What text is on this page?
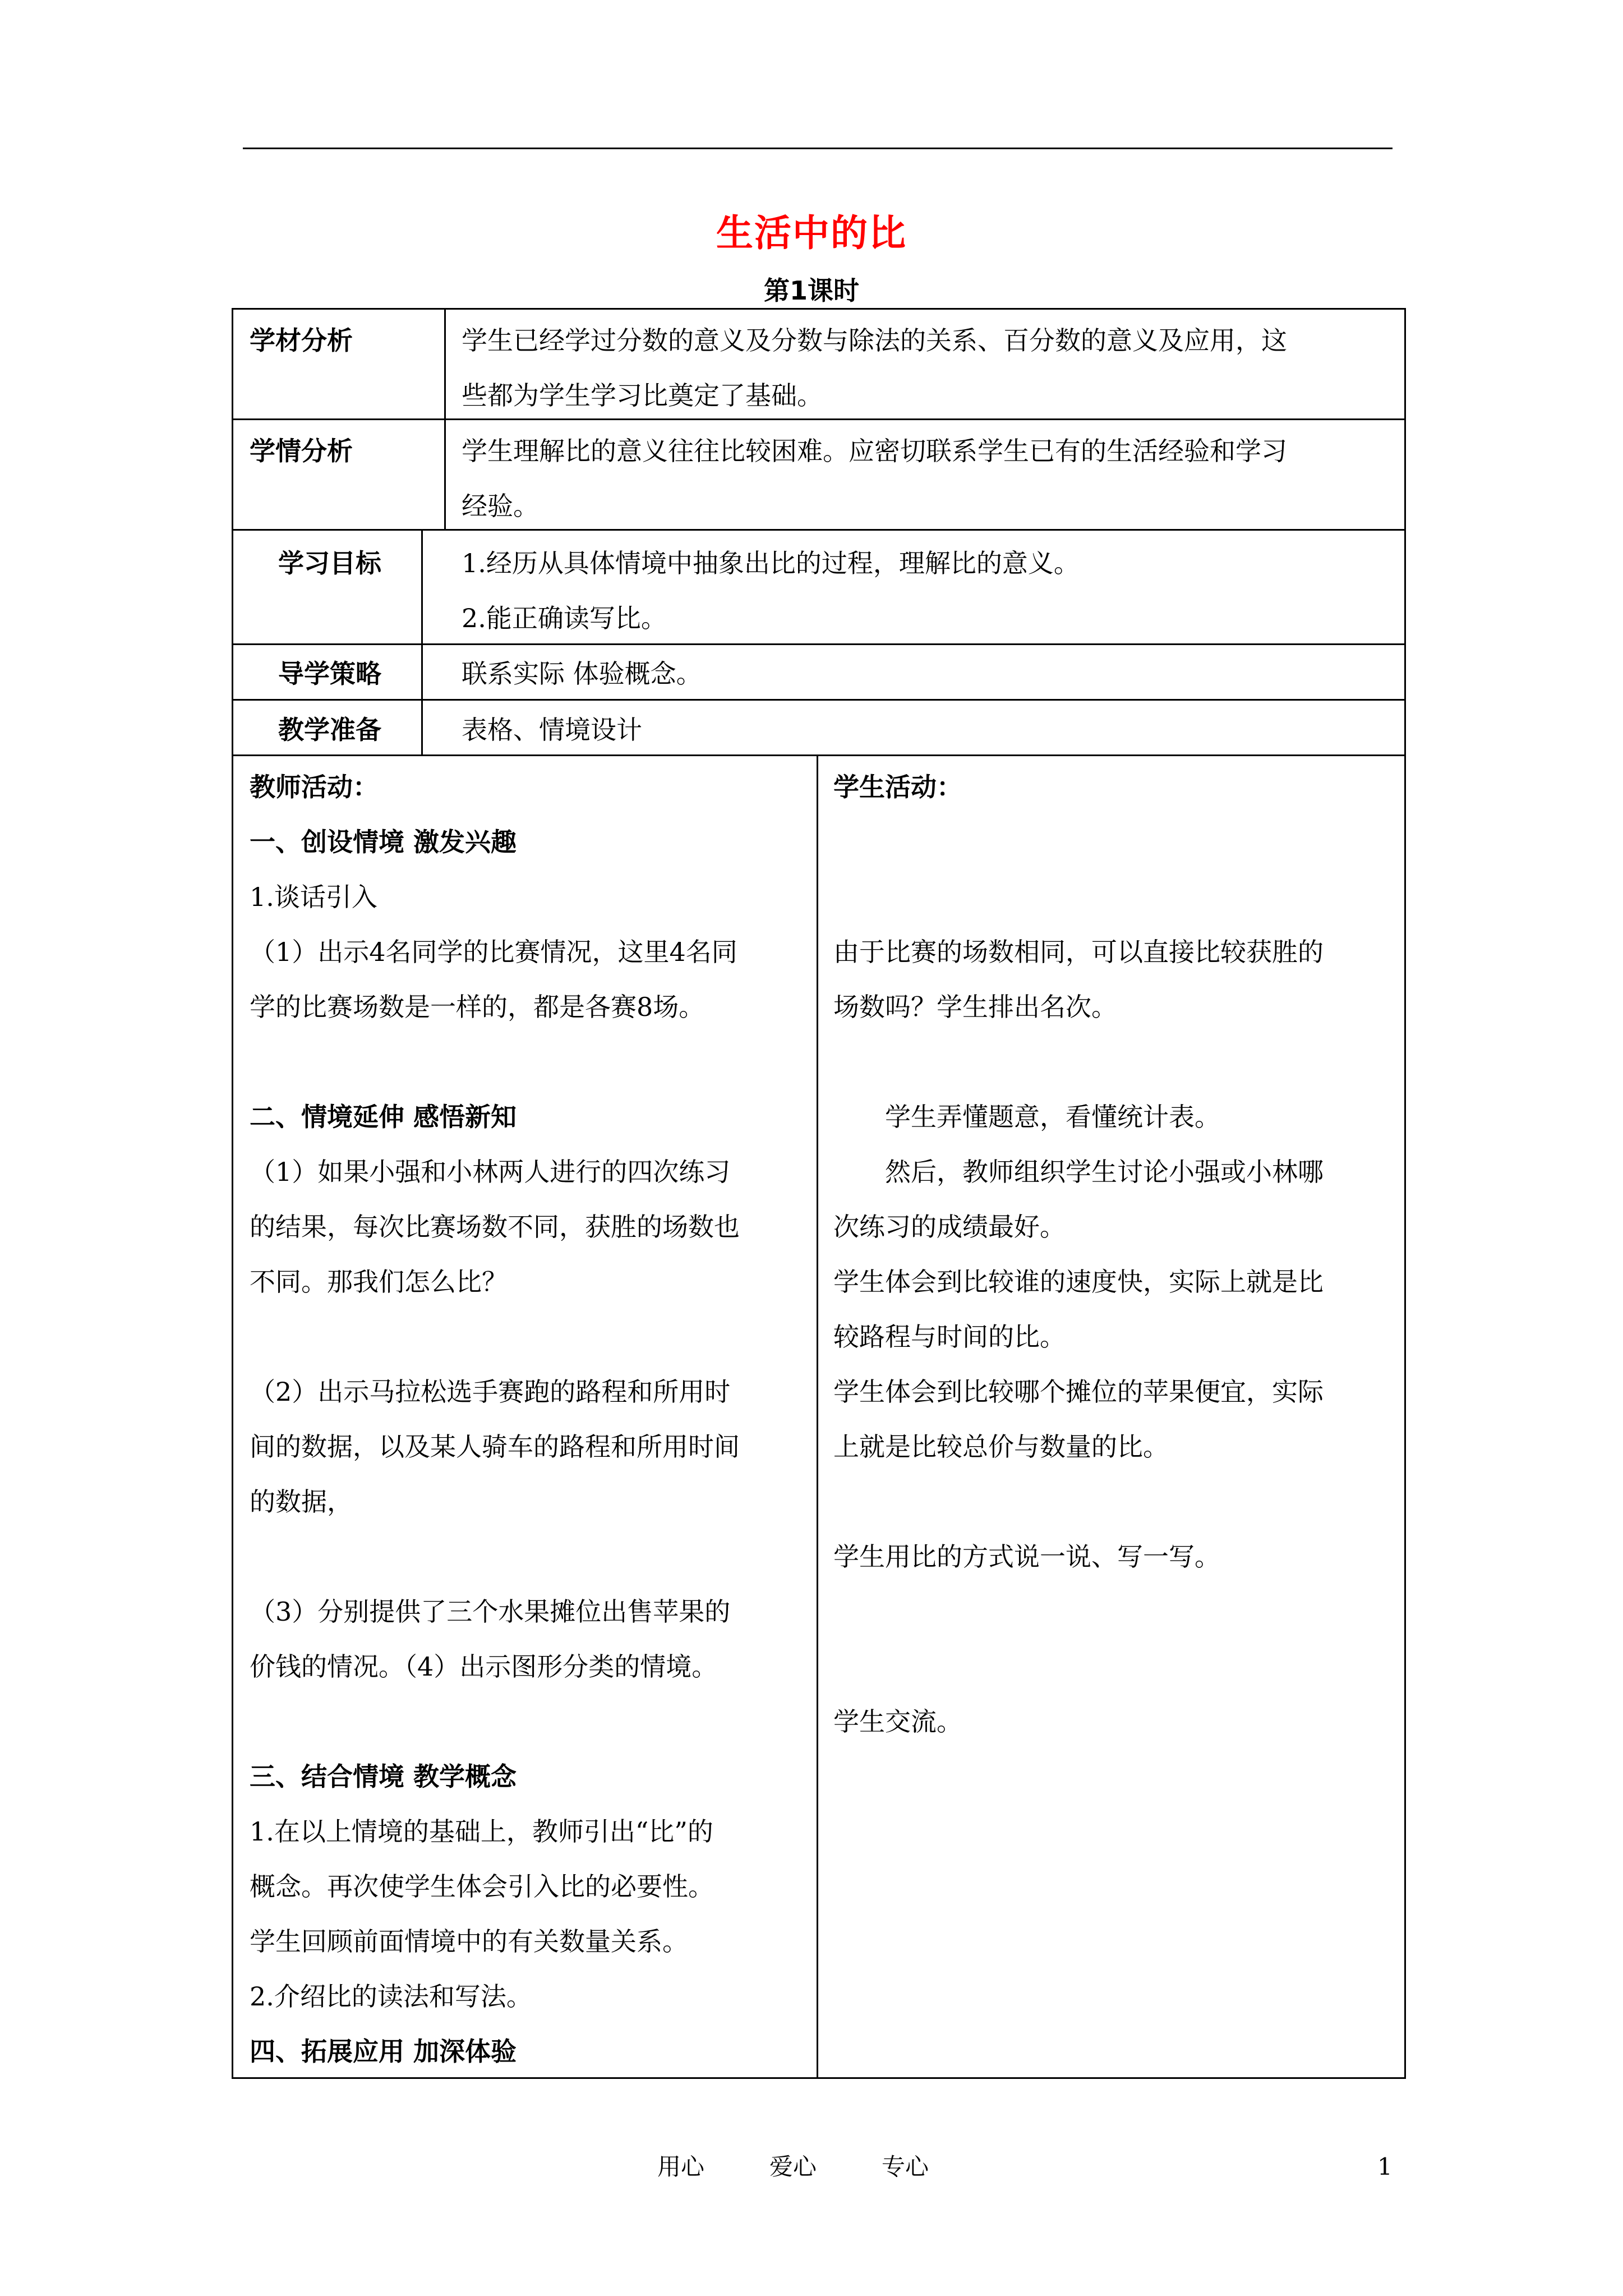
生活中的比
第1课时
学材分析	学生已经学过分数的意义及分数与除法的关系、百分数的意义及应用，这
些都为学生学习比奠定了基础。
学情分析	学生理解比的意义往往比较困难。应密切联系学生已有的生活经验和学习
经验。
学习目标	1.经历从具体情境中抽象出比的过程，理解比的意义。
2.能正确读写比。
导学策略	联系实际 体验概念。
教学准备	表格、情境设计
教师活动：
一、创设情境 激发兴趣
1.谈话引入
（1）出示4名同学的比赛情况，这里4名同
学的比赛场数是一样的，都是各赛8场。
二、情境延伸 感悟新知
（1）如果小强和小林两人进行的四次练习
的结果，每次比赛场数不同，获胜的场数也
不同。那我们怎么比？
（2）出示马拉松选手赛跑的路程和所用时
间的数据，以及某人骑车的路程和所用时间
的数据，
（3）分别提供了三个水果摊位出售苹果的
价钱的情况。（4）出示图形分类的情境。
三、结合情境 教学概念
1.在以上情境的基础上，教师引出“比”的
概念。再次使学生体会引入比的必要性。
学生回顾前面情境中的有关数量关系。
2.介绍比的读法和写法。
四、拓展应用 加深体验
学生活动：
由于比赛的场数相同，可以直接比较获胜的
场数吗？学生排出名次。
学生弄懂题意，看懂统计表。
然后，教师组织学生讨论小强或小林哪
次练习的成绩最好。
学生体会到比较谁的速度快，实际上就是比
较路程与时间的比。
学生体会到比较哪个摊位的苹果便宜，实际
上就是比较总价与数量的比。
学生用比的方式说一说、写一写。
学生交流。
用心	爱心	专心	1
